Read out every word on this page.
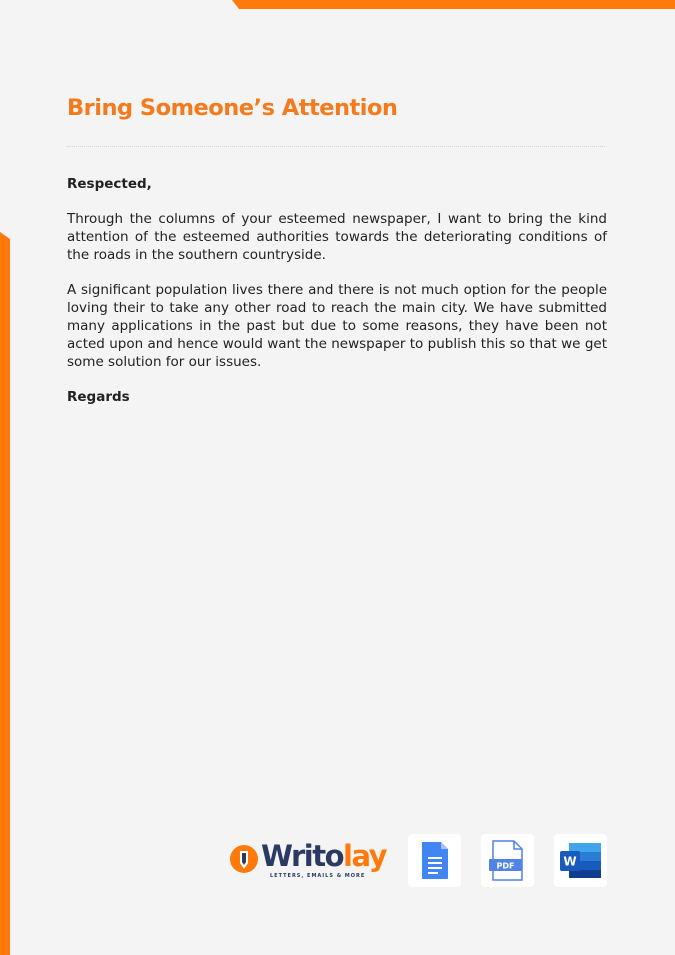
Bring Someone’s Attention

Respected,

Through the columns of your esteemed newspaper, I want to bring the kind attention of the esteemed authorities towards the deteriorating conditions of the roads in the southern countryside.

A significant population lives there and there is not much option for the people loving their to take any other road to reach the main city. We have submitted many applications in the past but due to some reasons, they have been not acted upon and hence would want the newspaper to publish this so that we get some solution for our issues.

Regards

Writolay
LETTERS, EMAILS & MORE
PDF	W
